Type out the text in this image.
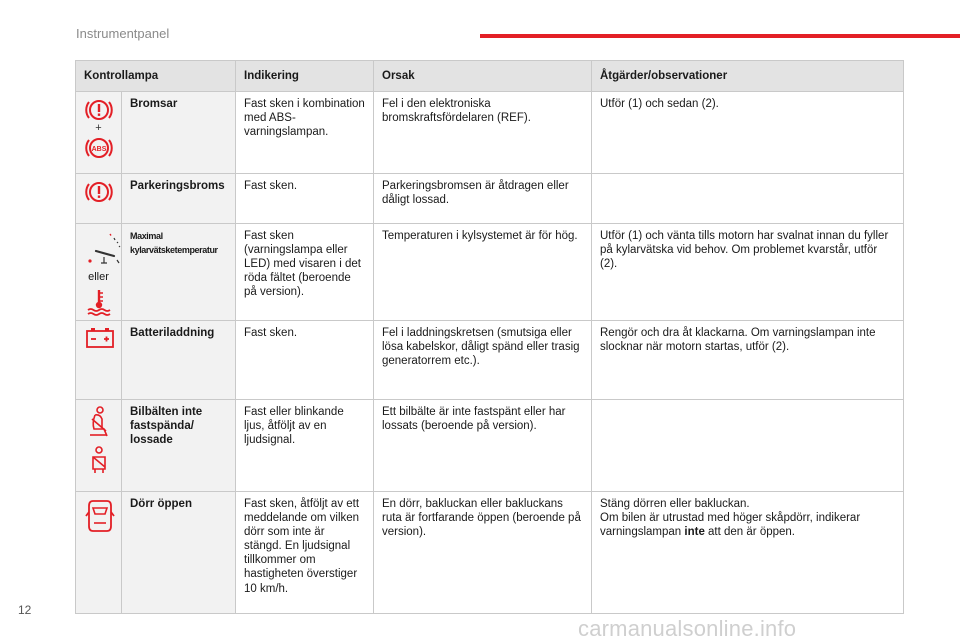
Instrumentpanel
Kontrollampa		Indikering	Orsak	Åtgärder/observationer

+
ABS	Bromsar	Fast sken i kombination med ABS-varningslampan.	Fel i den elektroniska bromskraftsfördelaren (REF).	Utför (1) och sedan (2).

	Parkeringsbroms	Fast sken.	Parkeringsbromsen är åtdragen eller dåligt lossad.	

eller	Maximal kylarvätsketemperatur	Fast sken (varningslampa eller LED) med visaren i det röda fältet (beroende på version).	Temperaturen i kylsystemet är för hög.	Utför (1) och vänta tills motorn har svalnat innan du fyller på kylarvätska vid behov. Om problemet kvarstår, utför (2).

	Batteriladdning	Fast sken.	Fel i laddningskretsen (smutsiga eller lösa kabelskor, dåligt spänd eller trasig generatorrem etc.).	Rengör och dra åt klackarna. Om varningslampan inte slocknar när motorn startas, utför (2).

	Bilbälten inte fastspända/ lossade	Fast eller blinkande ljus, åtföljt av en ljudsignal.	Ett bilbälte är inte fastspänt eller har lossats (beroende på version).	

	Dörr öppen	Fast sken, åtföljt av ett meddelande om vilken dörr som inte är stängd. En ljudsignal tillkommer om hastigheten överstiger 10 km/h.	En dörr, bakluckan eller bakluckans ruta är fortfarande öppen (beroende på version).	Stäng dörren eller bakluckan.
Om bilen är utrustad med höger skåpdörr, indikerar varningslampan inte att den är öppen.
12
carmanualsonline.info
